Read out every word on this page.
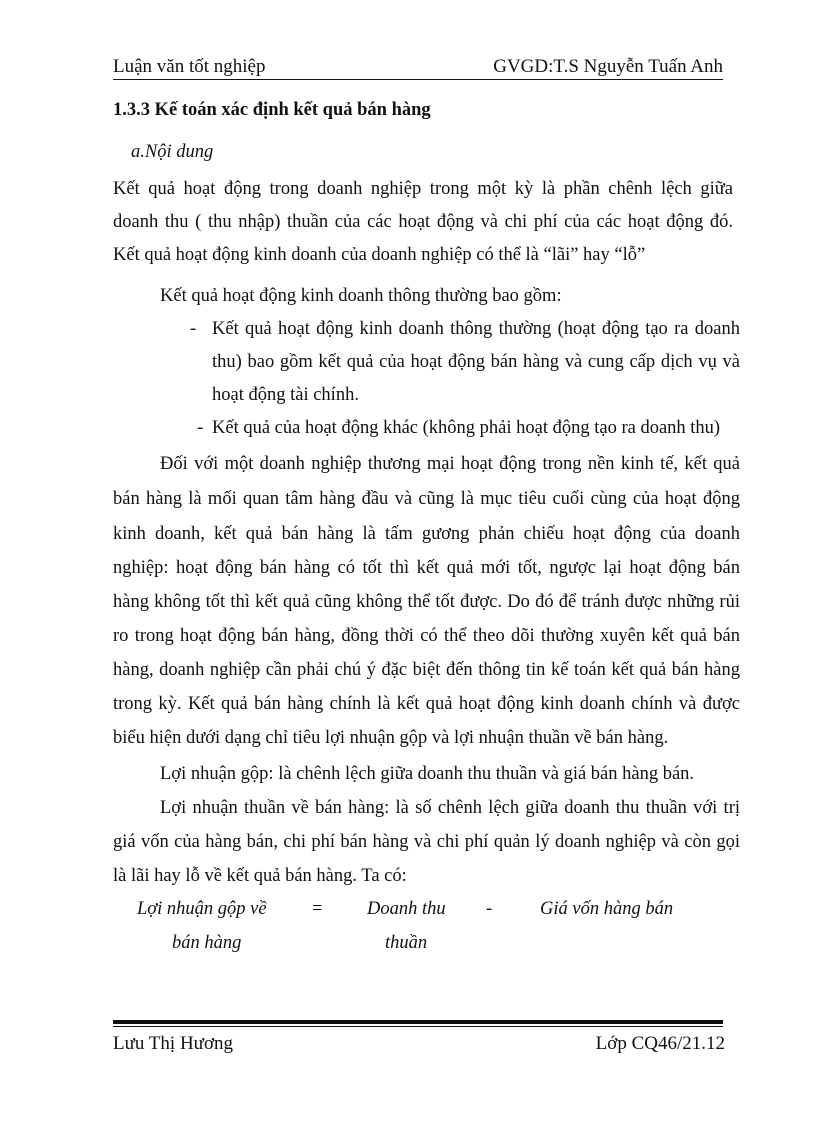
Luận văn tốt nghiệp	GVGD:T.S Nguyễn Tuấn Anh
1.3.3 Kế toán xác định kết quả bán hàng
a.Nội dung
Kết quả hoạt động trong doanh nghiệp trong một kỳ là phần chênh lệch giữa
doanh thu ( thu nhập) thuần của các hoạt động và chi phí của các hoạt động đó.
Kết quả hoạt động kinh doanh của doanh nghiệp có thể là “lãi” hay “lỗ”
Kết quả hoạt động kinh doanh thông thường bao gồm:
- Kết quả hoạt động kinh doanh thông thường (hoạt động tạo ra doanh
thu) bao gồm kết quả của hoạt động bán hàng và cung cấp dịch vụ và
hoạt động tài chính.
- Kết quả của hoạt động khác (không phải hoạt động tạo ra doanh thu)
Đối với một doanh nghiệp thương mại hoạt động trong nền kinh tế, kết quả
bán hàng là mối quan tâm hàng đầu và cũng là mục tiêu cuối cùng của hoạt động
kinh doanh, kết quả bán hàng là tấm gương phản chiếu hoạt động của doanh
nghiệp: hoạt động bán hàng có tốt thì kết quả mới tốt, ngược lại hoạt động bán
hàng không tốt thì kết quả cũng không thể tốt được. Do đó để tránh được những rủi
ro trong hoạt động bán hàng, đồng thời có thể theo dõi thường xuyên kết quả bán
hàng, doanh nghiệp cần phải chú ý đặc biệt đến thông tin kế toán kết quả bán hàng
trong kỳ. Kết quả bán hàng chính là kết quả hoạt động kinh doanh chính và được
biểu hiện dưới dạng chỉ tiêu lợi nhuận gộp và lợi nhuận thuần về bán hàng.
Lợi nhuận gộp: là chênh lệch giữa doanh thu thuần và giá bán hàng bán.
Lợi nhuận thuần về bán hàng: là số chênh lệch giữa doanh thu thuần với trị
giá vốn của hàng bán, chi phí bán hàng và chi phí quản lý doanh nghiệp và còn gọi
là lãi hay lỗ về kết quả bán hàng. Ta có:
Lợi nhuận gộp về
bán hàng
= Doanh thu
thuần
-	Giá vốn hàng bán
Lưu Thị Hương	Lớp CQ46/21.12
